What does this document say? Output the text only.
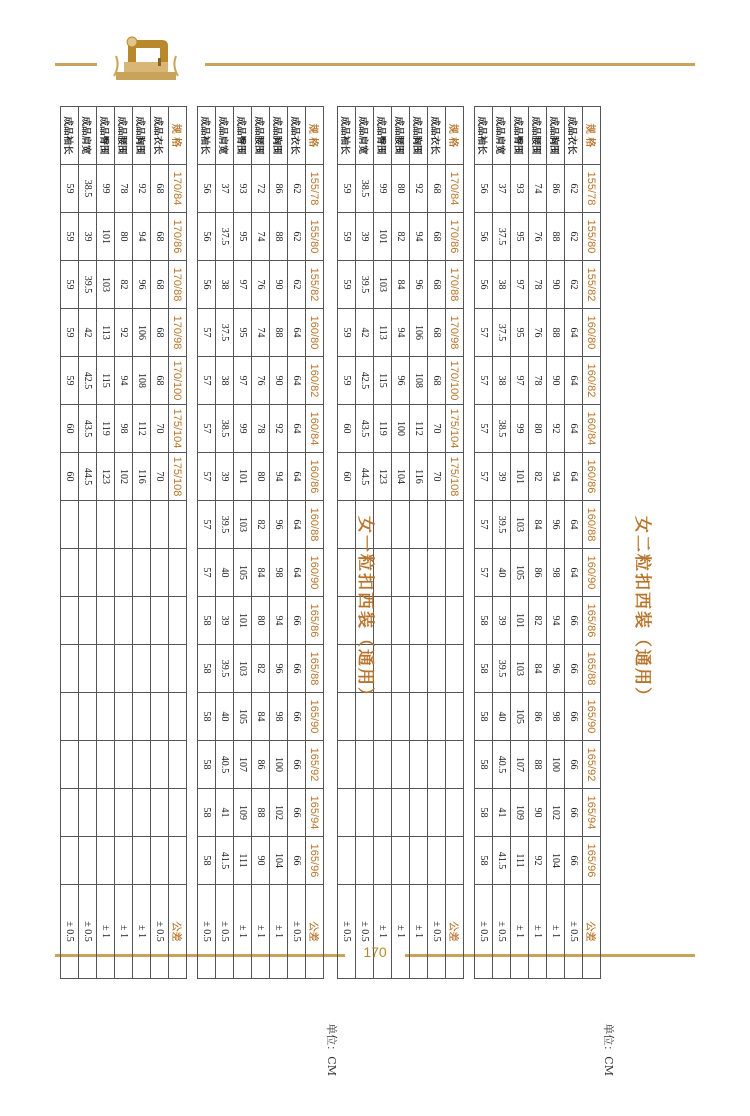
女二粒扣西装（通用）
单位：CM
规 格	155/78	155/80	155/82	160/80	160/82	160/84	160/86	160/88	160/90	165/86	165/88	165/90	165/92	165/94	165/96	公差
成品衣长	62	62	62	64	64	64	64	64	64	66	66	66	66	66	66	± 0.5
成品胸围	86	88	90	88	90	92	94	96	98	94	96	98	100	102	104	± 1
成品腰围	74	76	78	76	78	80	82	84	86	82	84	86	88	90	92	± 1
成品臀围	93	95	97	95	97	99	101	103	105	101	103	105	107	109	111	± 1
成品肩宽	37	37.5	38	37.5	38	38.5	39	39.5	40	39	39.5	40	40.5	41	41.5	± 0.5
成品袖长	56	56	56	57	57	57	57	57	57	58	58	58	58	58	58	± 0.5

规 格	170/84	170/86	170/88	170/98	170/100	175/104	175/108									公差
成品衣长	68	68	68	68	68	70	70									± 0.5
成品胸围	92	94	96	106	108	112	116									± 1
成品腰围	80	82	84	94	96	100	104									± 1
成品臀围	99	101	103	113	115	119	123									± 1
成品肩宽	38.5	39	39.5	42	42.5	43.5	44.5									± 0.5
成品袖长	59	59	59	59	59	60	60									± 0.5
女一粒扣西装（通用）
单位：CM
规 格	155/78	155/80	155/82	160/80	160/82	160/84	160/86	160/88	160/90	165/86	165/88	165/90	165/92	165/94	165/96	公差
成品衣长	62	62	62	64	64	64	64	64	64	66	66	66	66	66	66	± 0.5
成品胸围	86	88	90	88	90	92	94	96	98	94	96	98	100	102	104	± 1
成品腰围	72	74	76	74	76	78	80	82	84	80	82	84	86	88	90	± 1
成品臀围	93	95	97	95	97	99	101	103	105	101	103	105	107	109	111	± 1
成品肩宽	37	37.5	38	37.5	38	38.5	39	39.5	40	39	39.5	40	40.5	41	41.5	± 0.5
成品袖长	56	56	56	57	57	57	57	57	57	58	58	58	58	58	58	± 0.5

规 格	170/84	170/86	170/88	170/98	170/100	175/104	175/108									公差
成品衣长	68	68	68	68	68	70	70									± 0.5
成品胸围	92	94	96	106	108	112	116									± 1
成品腰围	78	80	82	92	94	98	102									± 1
成品臀围	99	101	103	113	115	119	123									± 1
成品肩宽	38.5	39	39.5	42	42.5	43.5	44.5									± 0.5
成品袖长	59	59	59	59	59	60	60									± 0.5
170
